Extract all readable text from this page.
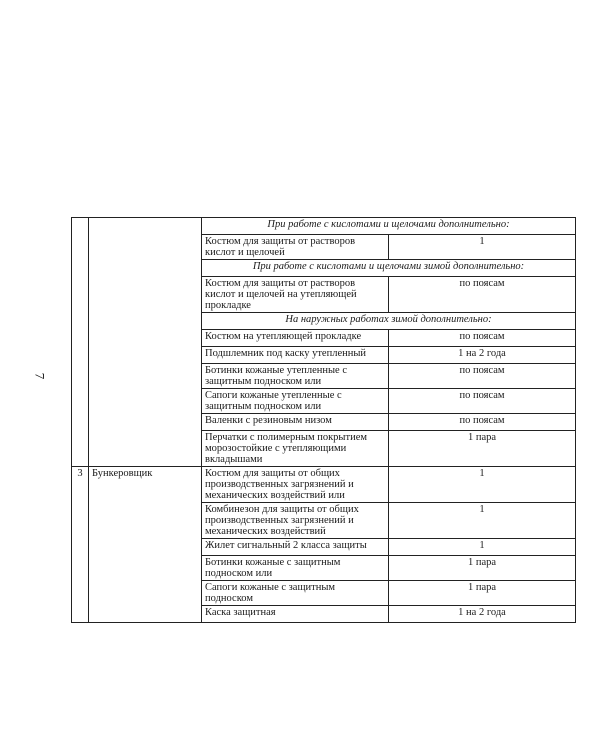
7
		При работе с кислотами и щелочами дополнительно:	
		Костюм для защиты от растворов кислот и щелочей	1
		При работе с кислотами и щелочами зимой дополнительно:	
		Костюм для защиты от растворов кислот и щелочей на утепляющей прокладке	по поясам
		На наружных работах зимой дополнительно:	
		Костюм на утепляющей прокладке	по поясам
		Подшлемник под каску утепленный	1 на 2 года
		Ботинки кожаные утепленные с защитным подноском или	по поясам
		Сапоги кожаные утепленные с защитным подноском или	по поясам
		Валенки с резиновым низом	по поясам
		Перчатки с полимерным покрытием морозостойкие с утепляющими вкладышами	1 пара
3	Бункеровщик	Костюм для защиты от общих производственных загрязнений и механических воздействий или	1
		Комбинезон для защиты от общих производственных загрязнений и механических воздействий	1
		Жилет сигнальный 2 класса защиты	1
		Ботинки кожаные с защитным подноском или	1 пара
		Сапоги кожаные с защитным подноском	1 пара
		Каска защитная	1 на 2 года
